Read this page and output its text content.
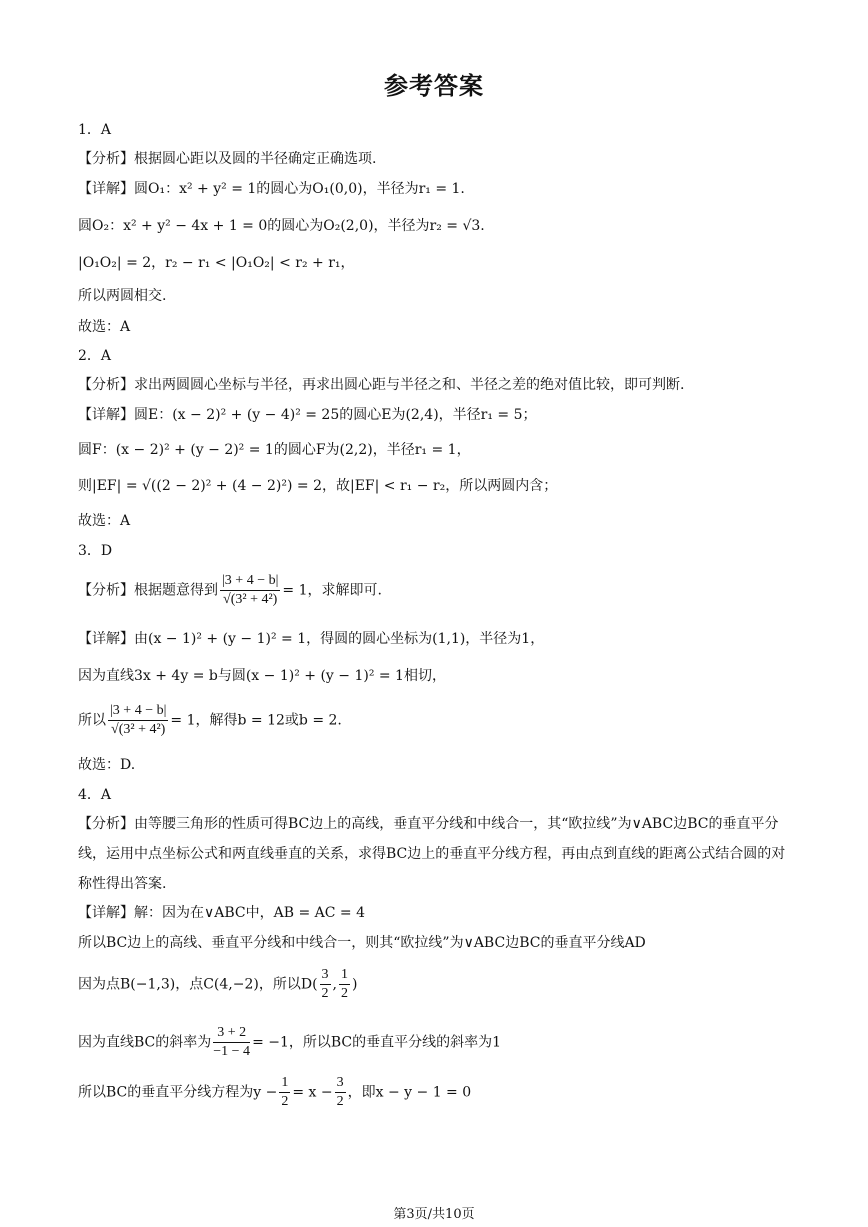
参考答案
1．A
【分析】根据圆心距以及圆的半径确定正确选项.
【详解】圆O₁：x² + y² = 1的圆心为O₁(0,0)，半径为r₁ = 1.
圆O₂：x² + y² − 4x + 1 = 0的圆心为O₂(2,0)，半径为r₂ = √3.
|O₁O₂| = 2，r₂ − r₁ < |O₁O₂| < r₂ + r₁，
所以两圆相交.
故选：A
2．A
【分析】求出两圆圆心坐标与半径，再求出圆心距与半径之和、半径之差的绝对值比较，即可判断.
【详解】圆E：(x − 2)² + (y − 4)² = 25的圆心E为(2,4)，半径r₁ = 5；
圆F：(x − 2)² + (y − 2)² = 1的圆心F为(2,2)，半径r₁ = 1，
则|EF| = √((2 − 2)² + (4 − 2)²) = 2，故|EF| < r₁ − r₂，所以两圆内含；
故选：A
3．D
【分析】根据题意得到 $\frac{|3 + 4 - b|}{\text{√(3² + 4²)}} = 1$，求解即可.
【详解】由(x − 1)² + (y − 1)² = 1，得圆的圆心坐标为(1,1)，半径为1，
因为直线3x + 4y = b与圆(x − 1)² + (y − 1)² = 1相切，
所以 $\frac{|3 + 4 - b|}{\text{√(3² + 4²)}} = 1$，解得b = 12或b = 2.
故选：D.
4．A
【分析】由等腰三角形的性质可得BC边上的高线，垂直平分线和中线合一，其“欧拉线”为∨ABC边BC的垂直平分线，运用中点坐标公式和两直线垂直的关系，求得BC边上的垂直平分线方程，再由点到直线的距离公式结合圆的对称性得出答案.
【详解】解：因为在∨ABC中，AB = AC = 4
所以BC边上的高线、垂直平分线和中线合一，则其“欧拉线”为∨ABC边BC的垂直平分线AD
因为点B(−1,3)，点C(4,−2)，所以$D( \frac{3}{2}$ , $\frac{1}{2}$ )
因为直线BC的斜率为 $\frac{3 + 2}{-1 - 4} = -1$，所以BC的垂直平分线的斜率为1
所以BC的垂直平分线方程为$y - \frac{1}{2} = x - \frac{3}{2}$ ，即x − y − 1 = 0
第3页/共10页
